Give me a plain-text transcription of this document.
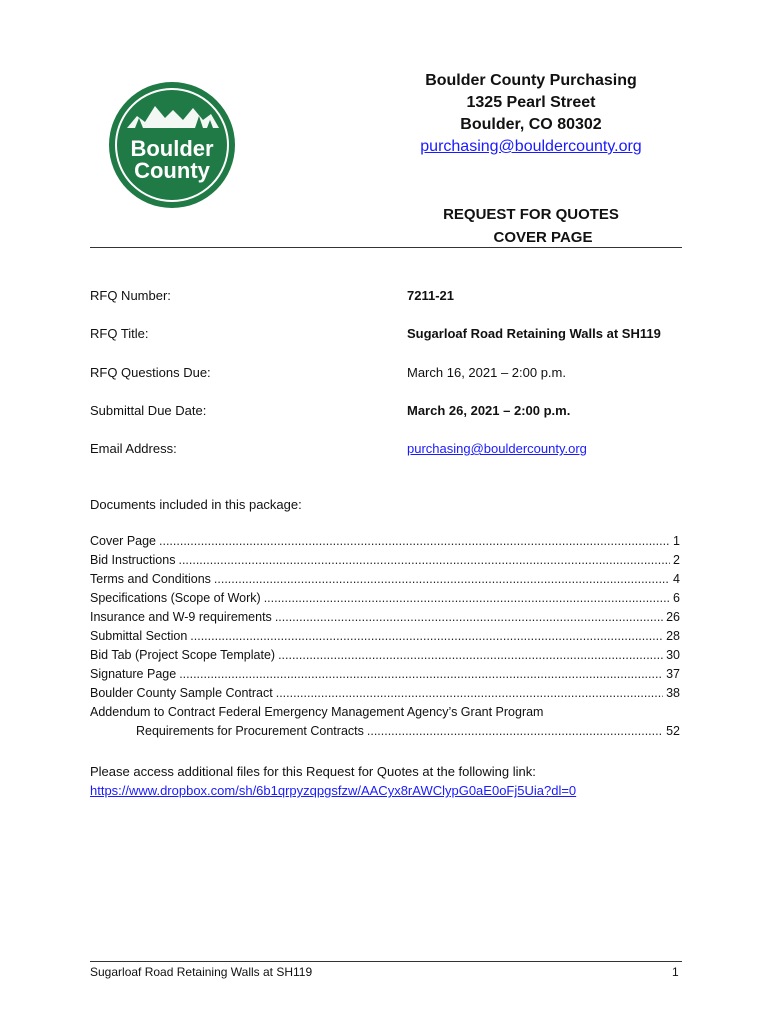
Boulder
County
Boulder County Purchasing
1325 Pearl Street
Boulder, CO 80302
purchasing@bouldercounty.org
REQUEST FOR QUOTES
COVER PAGE
RFQ Number:	7211-21
RFQ Title:	Sugarloaf Road Retaining Walls at SH119
RFQ Questions Due:	March 16, 2021 – 2:00 p.m.
Submittal Due Date:	March 26, 2021 – 2:00 p.m.
Email Address:	purchasing@bouldercounty.org
Documents included in this package:
Cover Page .....	1
Bid Instructions .....	2
Terms and Conditions .....	4
Specifications (Scope of Work) .....	6
Insurance and W-9 requirements .....	26
Submittal Section .....	28
Bid Tab (Project Scope Template) .....	30
Signature Page .....	37
Boulder County Sample Contract .....	38
Addendum to Contract Federal Emergency Management Agency’s Grant Program
Requirements for Procurement Contracts .....	52
Please access additional files for this Request for Quotes at the following link:
https://www.dropbox.com/sh/6b1qrpyzqpgsfzw/AACyx8rAWClypG0aE0oFj5Uia?dl=0
Sugarloaf Road Retaining Walls at SH119	1
